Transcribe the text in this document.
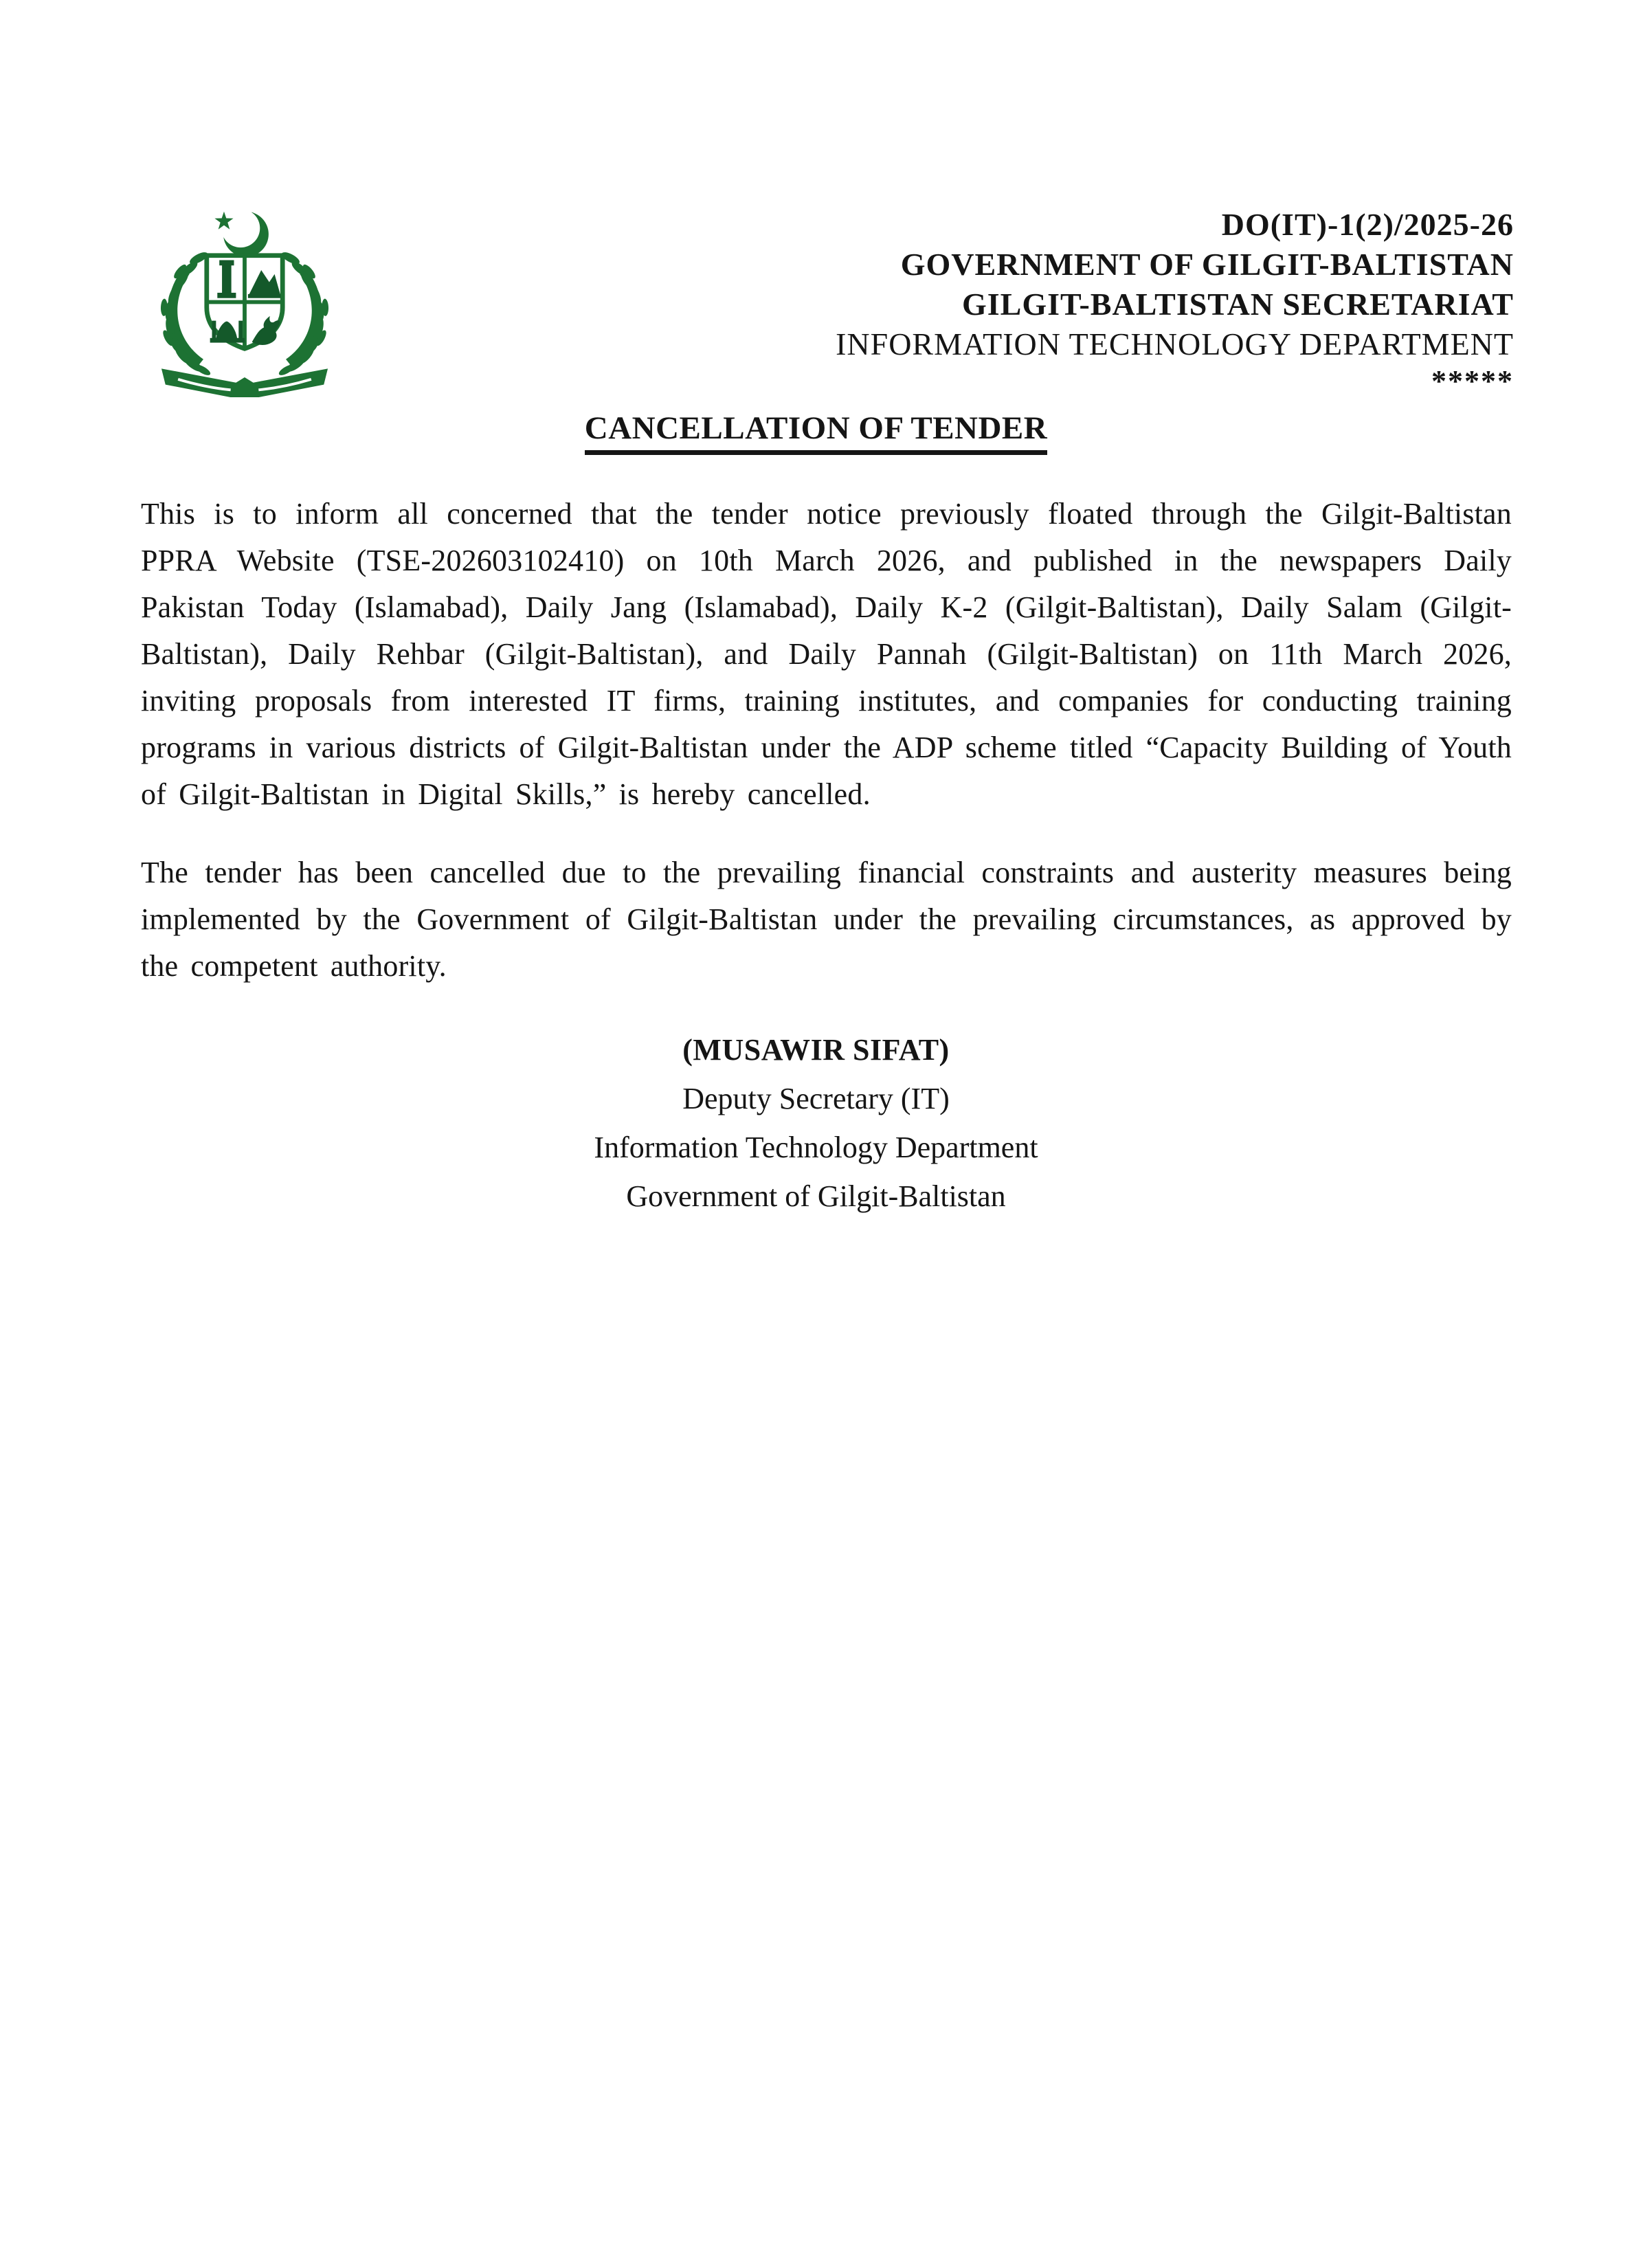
DO(IT)-1(2)/2025-26
GOVERNMENT OF GILGIT-BALTISTAN
GILGIT-BALTISTAN SECRETARIAT
INFORMATION TECHNOLOGY DEPARTMENT
*****
CANCELLATION OF TENDER

This is to inform all concerned that the tender notice previously floated through the Gilgit-Baltistan PPRA Website (TSE-202603102410) on 10th March 2026, and published in the newspapers Daily Pakistan Today (Islamabad), Daily Jang (Islamabad), Daily K-2 (Gilgit-Baltistan), Daily Salam (Gilgit-Baltistan), Daily Rehbar (Gilgit-Baltistan), and Daily Pannah (Gilgit-Baltistan) on 11th March 2026, inviting proposals from interested IT firms, training institutes, and companies for conducting training programs in various districts of Gilgit-Baltistan under the ADP scheme titled “Capacity Building of Youth of Gilgit-Baltistan in Digital Skills,” is hereby cancelled.

The tender has been cancelled due to the prevailing financial constraints and austerity measures being implemented by the Government of Gilgit-Baltistan under the prevailing circumstances, as approved by the competent authority.

(MUSAWIR SIFAT)
Deputy Secretary (IT)
Information Technology Department
Government of Gilgit-Baltistan
